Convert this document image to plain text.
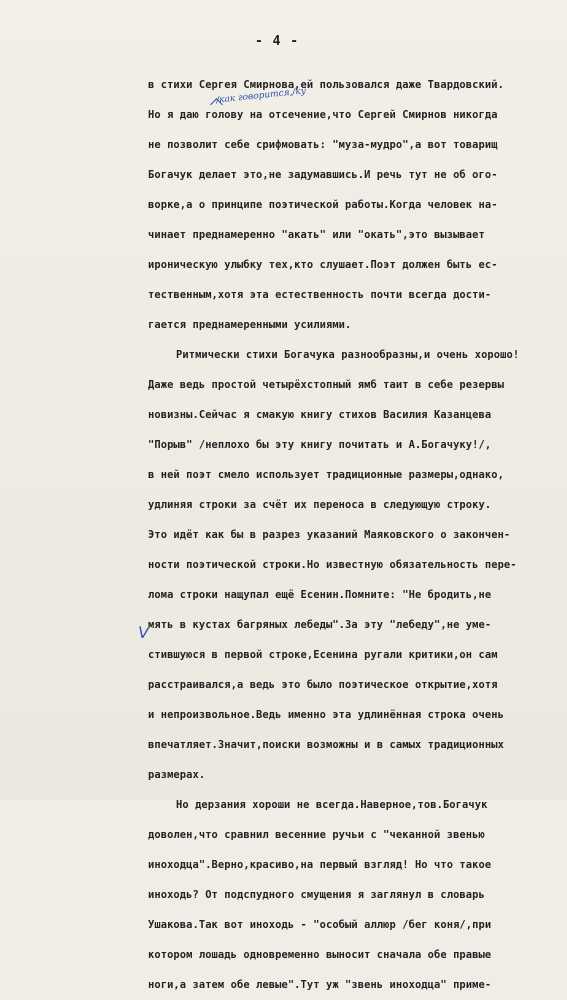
- 4 -
/как говорится,/ку
V
в стихи Сергея Смирнова,ей пользовался даже Твардовский.
Но я даю голову на отсечение,что Сергей Смирнов никогда
не позволит себе срифмовать: "муза-мудро",а вот товарищ
Богачук делает это,не задумавшись.И речь тут не об ого-
ворке,а о принципе поэтической работы.Когда человек на-
чинает преднамеренно "акать" или "окать",это вызывает
ироническую улыбку тех,кто слушает.Поэт должен быть ес-
тественным,хотя эта естественность почти всегда дости-
гается преднамеренными усилиями.
Ритмически стихи Богачука разнообразны,и очень хорошо!
Даже ведь простой четырёхстопный ямб таит в себе резервы
новизны.Сейчас я смакую книгу стихов Василия Казанцева
"Порыв" /неплохо бы эту книгу почитать и А.Богачуку!/,
в ней поэт смело использует традиционные размеры,однако,
удлиняя строки за счёт их переноса в следующую строку.
Это идёт как бы в разрез указаний Маяковского о закончен-
ности поэтической строки.Но известную обязательность пере-
лома строки нащупал ещё Есенин.Помните: "Не бродить,не
мять в кустах багряных лебеды".За эту "лебеду",не уме-
стившуюся в первой строке,Есенина ругали критики,он сам
расстраивался,а ведь это было поэтическое открытие,хотя
и непроизвольное.Ведь именно эта удлинённая строка очень
впечатляет.Значит,поиски возможны и в самых традиционных
размерах.
Но дерзания хороши не всегда.Наверное,тов.Богачук
доволен,что сравнил весенние ручьи с "чеканной звенью
иноходца".Верно,красиво,на первый взгляд! Но что такое
иноходь? От подспудного смущения я заглянул в словарь
Ушакова.Так вот иноходь - "особый аллюр /бег коня/,при
котором лошадь одновременно выносит сначала обе правые
ноги,а затем обе левые".Тут уж "звень иноходца" приме-
